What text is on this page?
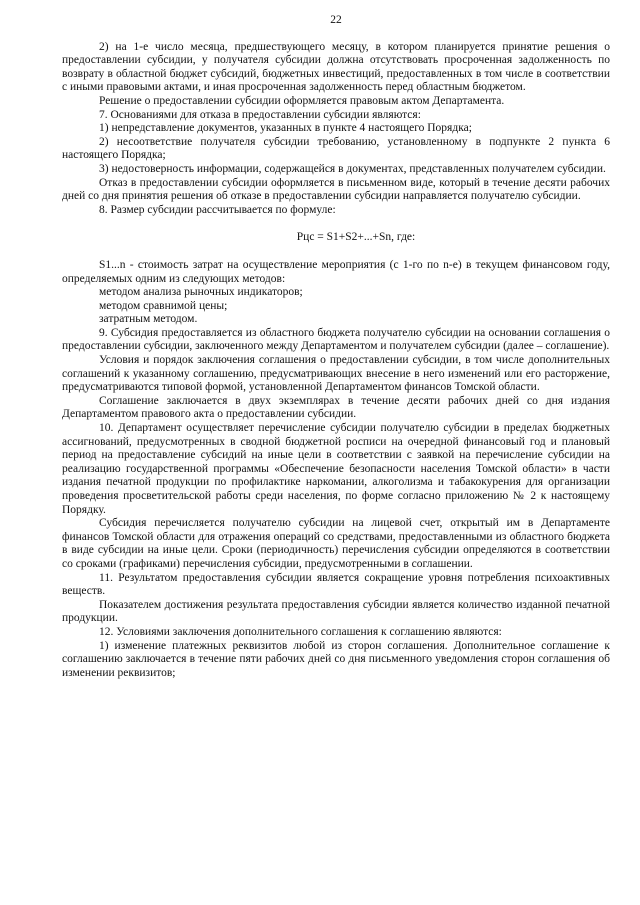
22

2) на 1-е число месяца, предшествующего месяцу, в котором планируется принятие решения о предоставлении субсидии, у получателя субсидии должна отсутствовать просроченная задолженность по возврату в областной бюджет субсидий, бюджетных инвестиций, предоставленных в том числе в соответствии с иными правовыми актами, и иная просроченная задолженность перед областным бюджетом.

Решение о предоставлении субсидии оформляется правовым актом Департамента.

7. Основаниями для отказа в предоставлении субсидии являются:

1) непредставление документов, указанных в пункте 4 настоящего Порядка;

2) несоответствие получателя субсидии требованию, установленному в подпункте 2 пункта 6 настоящего Порядка;

3) недостоверность информации, содержащейся в документах, представленных получателем субсидии.

Отказ в предоставлении субсидии оформляется в письменном виде, который в течение десяти рабочих дней со дня принятия решения об отказе в предоставлении субсидии направляется получателю субсидии.

8. Размер субсидии рассчитывается по формуле:

Рцс = S1+S2+...+Sn, где:

S1...n - стоимость затрат на осуществление мероприятия (с 1-го по n-е) в текущем финансовом году, определяемых одним из следующих методов:

методом анализа рыночных индикаторов;

методом сравнимой цены;

затратным методом.

9. Субсидия предоставляется из областного бюджета получателю субсидии на основании соглашения о предоставлении субсидии, заключенного между Департаментом и получателем субсидии (далее – соглашение).

Условия и порядок заключения соглашения о предоставлении субсидии, в том числе дополнительных соглашений к указанному соглашению, предусматривающих внесение в него изменений или его расторжение, предусматриваются типовой формой, установленной Департаментом финансов Томской области.

Соглашение заключается в двух экземплярах в течение десяти рабочих дней со дня издания Департаментом правового акта о предоставлении субсидии.

10. Департамент осуществляет перечисление субсидии получателю субсидии в пределах бюджетных ассигнований, предусмотренных в сводной бюджетной росписи на очередной финансовый год и плановый период на предоставление субсидий на иные цели в соответствии с заявкой на перечисление субсидии на реализацию государственной программы «Обеспечение безопасности населения Томской области» в части издания печатной продукции по профилактике наркомании, алкоголизма и табакокурения для организации проведения просветительской работы среди населения, по форме согласно приложению № 2 к настоящему Порядку.

Субсидия перечисляется получателю субсидии на лицевой счет, открытый им в Департаменте финансов Томской области для отражения операций со средствами, предоставленными из областного бюджета в виде субсидии на иные цели. Сроки (периодичность) перечисления субсидии определяются в соответствии со сроками (графиками) перечисления субсидии, предусмотренными в соглашении.

11. Результатом предоставления субсидии является сокращение уровня потребления психоактивных веществ.

Показателем достижения результата предоставления субсидии является количество изданной печатной продукции.

12. Условиями заключения дополнительного соглашения к соглашению являются:

1) изменение платежных реквизитов любой из сторон соглашения. Дополнительное соглашение к соглашению заключается в течение пяти рабочих дней со дня письменного уведомления сторон соглашения об изменении реквизитов;
